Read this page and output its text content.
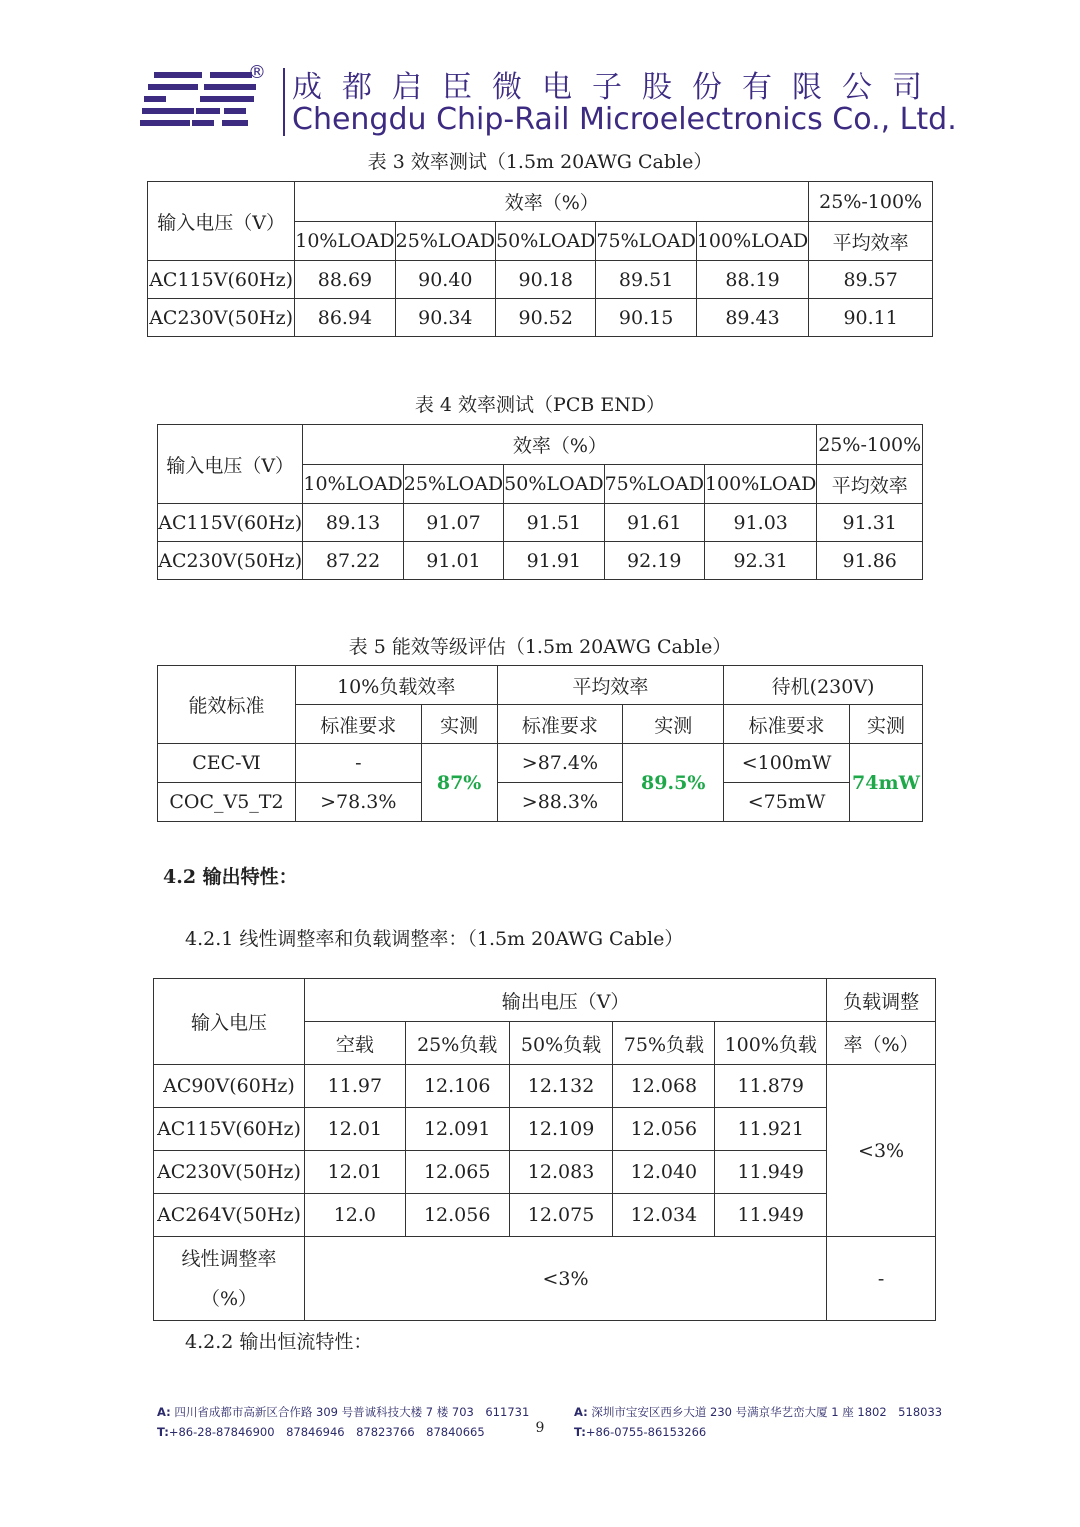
® 成都启臣微电子股份有限公司
Chengdu Chip-Rail Microelectronics Co., Ltd.
表 3 效率测试（1.5m 20AWG Cable）
输入电压（V）	效率（%）					25%-100%
	10%LOAD	25%LOAD	50%LOAD	75%LOAD	100%LOAD	平均效率
AC115V(60Hz)	88.69	90.40	90.18	89.51	88.19	89.57
AC230V(50Hz)	86.94	90.34	90.52	90.15	89.43	90.11
表 4 效率测试（PCB END）
输入电压（V）	效率（%）					25%-100%
	10%LOAD	25%LOAD	50%LOAD	75%LOAD	100%LOAD	平均效率
AC115V(60Hz)	89.13	91.07	91.51	91.61	91.03	91.31
AC230V(50Hz)	87.22	91.01	91.91	92.19	92.31	91.86
表 5 能效等级评估（1.5m 20AWG Cable）
能效标准	10%负载效率		平均效率		待机(230V)	
	标准要求	实测	标准要求	实测	标准要求	实测
CEC-Ⅵ	-	87%	>87.4%	89.5%	<100mW	74mW
COC_V5_T2	>78.3%		>88.3%		<75mW	
4.2 输出特性：
4.2.1 线性调整率和负载调整率：（1.5m 20AWG Cable）
输入电压	输出电压（V）					负载调整
	空载	25%负载	50%负载	75%负载	100%负载	率（%）
AC90V(60Hz)	11.97	12.106	12.132	12.068	11.879	<3%
AC115V(60Hz)	12.01	12.091	12.109	12.056	11.921	
AC230V(50Hz)	12.01	12.065	12.083	12.040	11.949	
AC264V(50Hz)	12.0	12.056	12.075	12.034	11.949	

线性调整率
（%）	<3%					-
4.2.2 输出恒流特性：
A: 四川省成都市高新区合作路 309 号普诚科技大楼 7 楼 703　611731
T:+86-28-87846900　87846946　87823766　87840665
A: 深圳市宝安区西乡大道 230 号满京华艺峦大厦 1 座 1802　518033
T:+86-0755-86153266
9
